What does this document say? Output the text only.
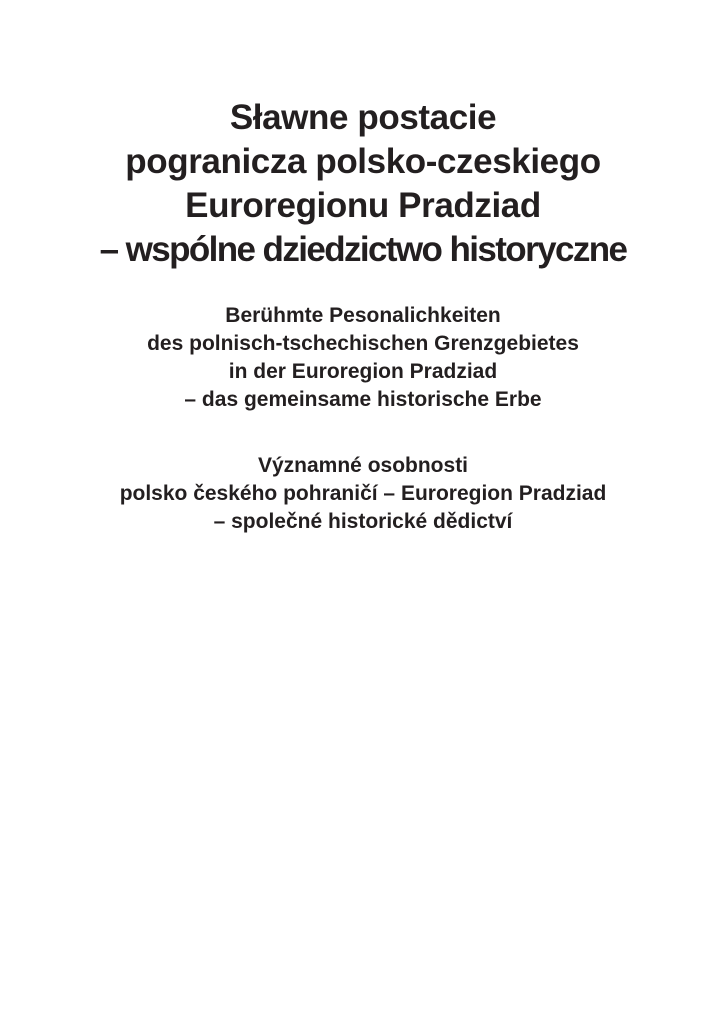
Sławne postacie
pogranicza polsko-czeskiego
Euroregionu Pradziad
– wspólne dziedzictwo historyczne
Berühmte Pesonalichkeiten
des polnisch-tschechischen Grenzgebietes
in der Euroregion Pradziad
– das gemeinsame historische Erbe
Významné osobnosti
polsko českého pohraničí – Euroregion Pradziad
– společné historické dědictví
